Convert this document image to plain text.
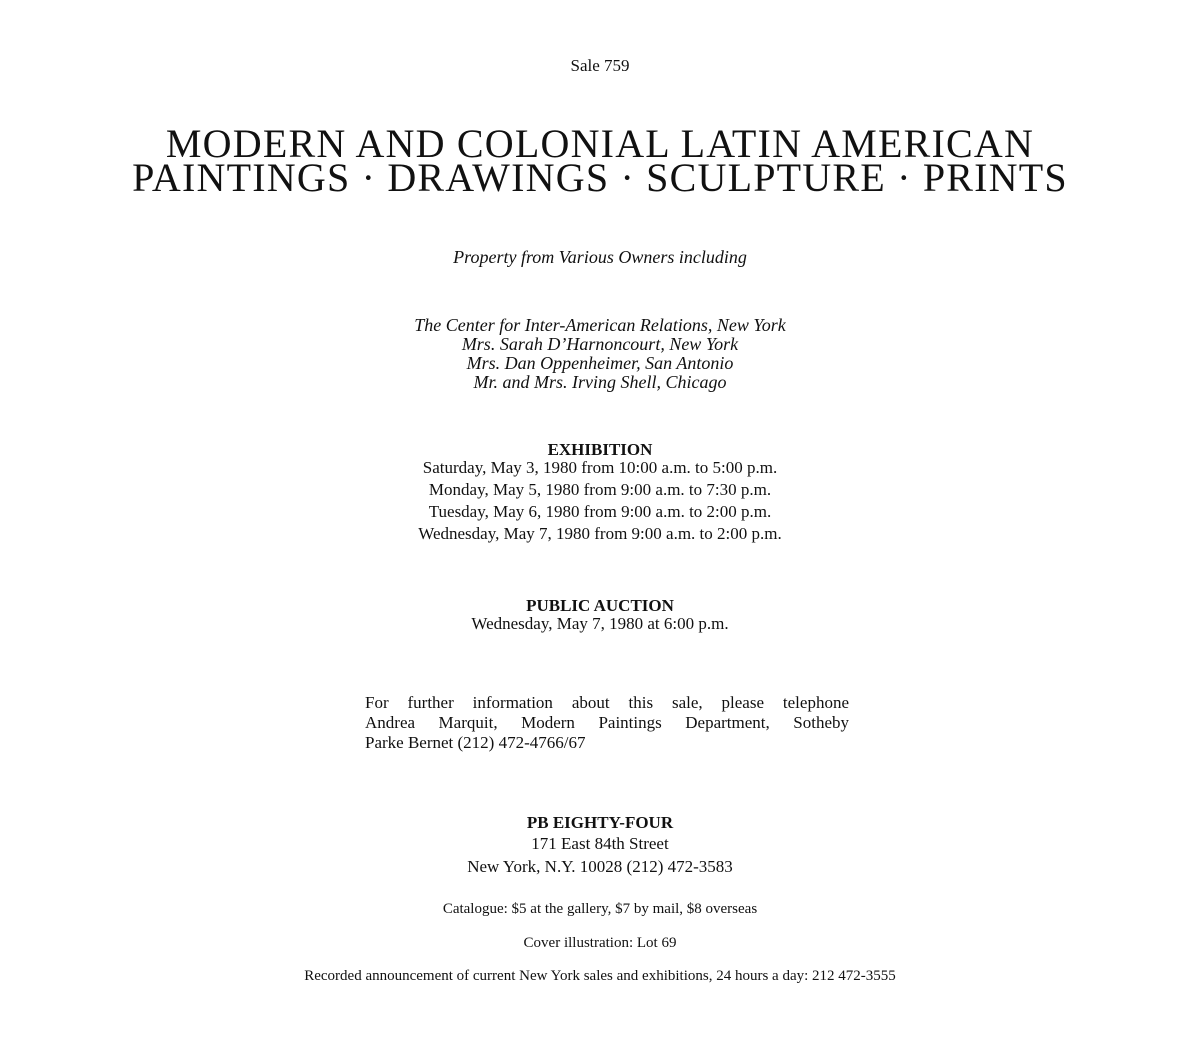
Sale 759
MODERN AND COLONIAL LATIN AMERICAN
PAINTINGS · DRAWINGS · SCULPTURE · PRINTS
Property from Various Owners including
The Center for Inter-American Relations, New York
Mrs. Sarah D’Harnoncourt, New York
Mrs. Dan Oppenheimer, San Antonio
Mr. and Mrs. Irving Shell, Chicago
EXHIBITION
Saturday, May 3, 1980 from 10:00 a.m. to 5:00 p.m.
Monday, May 5, 1980 from 9:00 a.m. to 7:30 p.m.
Tuesday, May 6, 1980 from 9:00 a.m. to 2:00 p.m.
Wednesday, May 7, 1980 from 9:00 a.m. to 2:00 p.m.
PUBLIC AUCTION
Wednesday, May 7, 1980 at 6:00 p.m.
For further information about this sale, please telephone
Andrea Marquit, Modern Paintings Department, Sotheby
Parke Bernet (212) 472-4766/67
PB EIGHTY-FOUR
171 East 84th Street
New York, N.Y. 10028 (212) 472-3583
Catalogue: $5 at the gallery, $7 by mail, $8 overseas
Cover illustration: Lot 69
Recorded announcement of current New York sales and exhibitions, 24 hours a day: 212 472-3555
